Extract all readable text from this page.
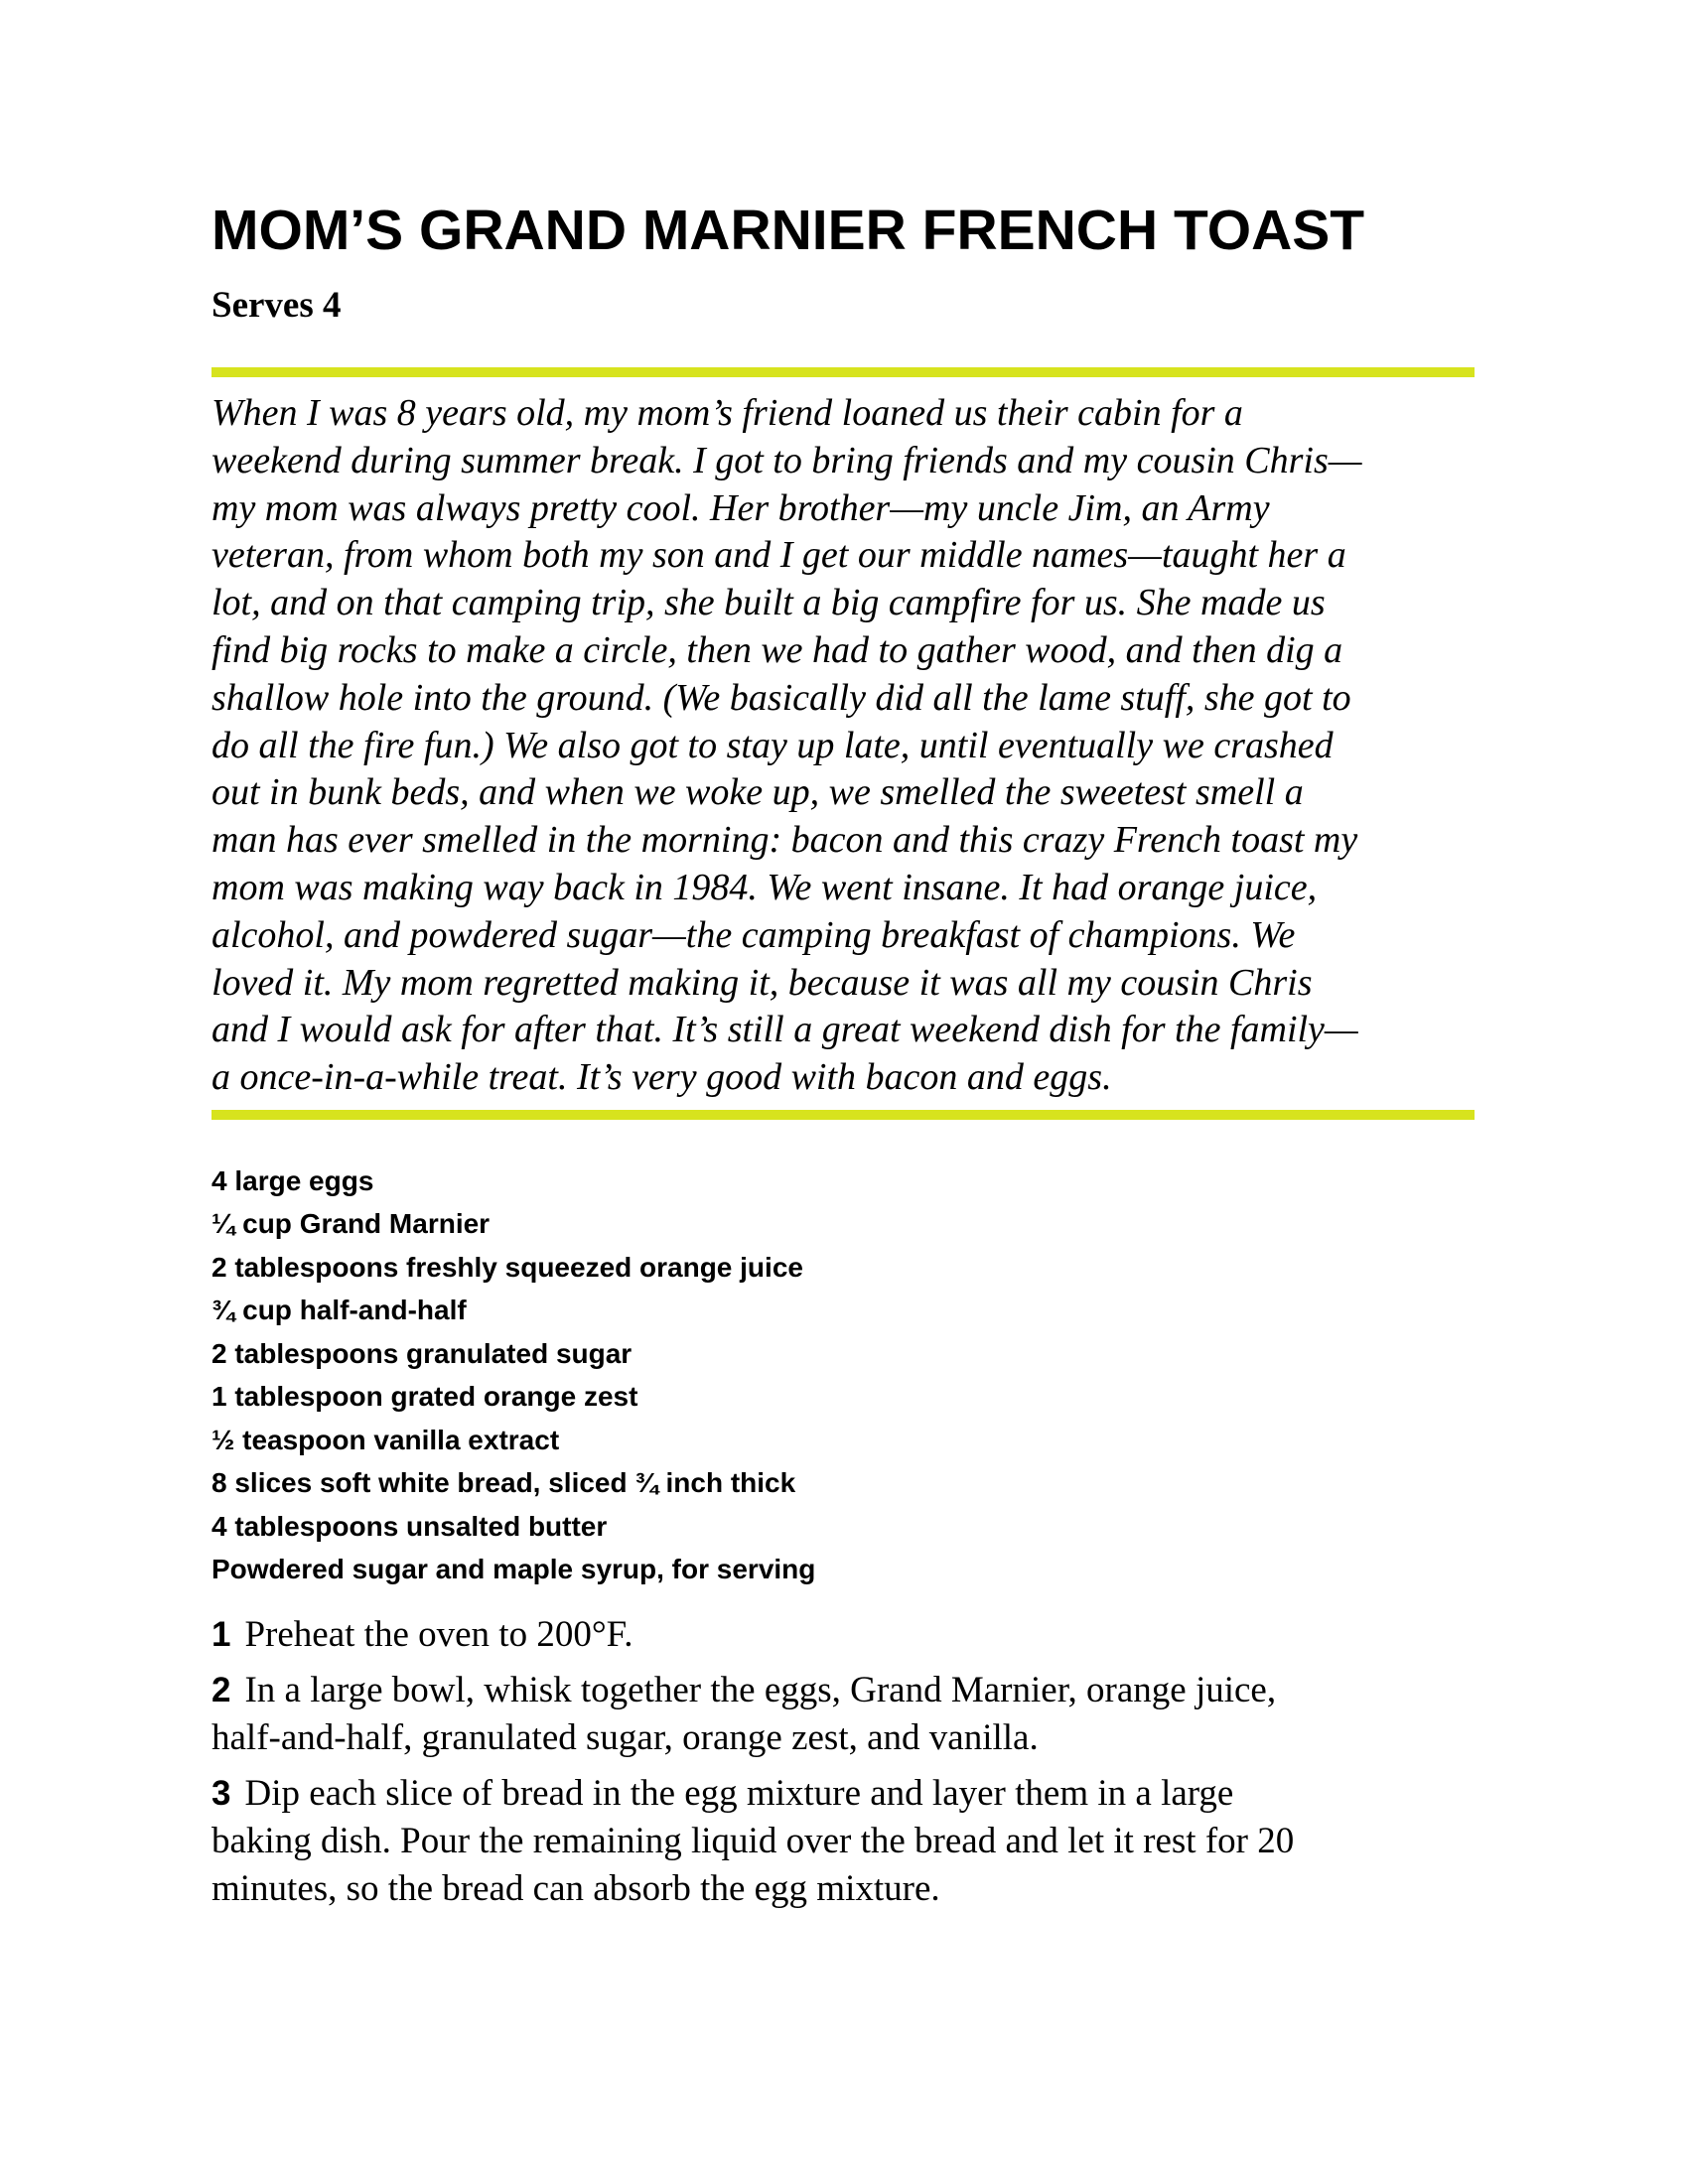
MOM’S GRAND MARNIER FRENCH TOAST
Serves 4
When I was 8 years old, my mom’s friend loaned us their cabin for a
weekend during summer break. I got to bring friends and my cousin Chris—
my mom was always pretty cool. Her brother—my uncle Jim, an Army
veteran, from whom both my son and I get our middle names—taught her a
lot, and on that camping trip, she built a big campfire for us. She made us
find big rocks to make a circle, then we had to gather wood, and then dig a
shallow hole into the ground. (We basically did all the lame stuff, she got to
do all the fire fun.) We also got to stay up late, until eventually we crashed
out in bunk beds, and when we woke up, we smelled the sweetest smell a
man has ever smelled in the morning: bacon and this crazy French toast my
mom was making way back in 1984. We went insane. It had orange juice,
alcohol, and powdered sugar—the camping breakfast of champions. We
loved it. My mom regretted making it, because it was all my cousin Chris
and I would ask for after that. It’s still a great weekend dish for the family—
a once-in-a-while treat. It’s very good with bacon and eggs.
4 large eggs
¼ cup Grand Marnier
2 tablespoons freshly squeezed orange juice
¾ cup half-and-half
2 tablespoons granulated sugar
1 tablespoon grated orange zest
½ teaspoon vanilla extract
8 slices soft white bread, sliced ¾ inch thick
4 tablespoons unsalted butter
Powdered sugar and maple syrup, for serving
1 Preheat the oven to 200°F.
2 In a large bowl, whisk together the eggs, Grand Marnier, orange juice,
half-and-half, granulated sugar, orange zest, and vanilla.
3 Dip each slice of bread in the egg mixture and layer them in a large
baking dish. Pour the remaining liquid over the bread and let it rest for 20
minutes, so the bread can absorb the egg mixture.
